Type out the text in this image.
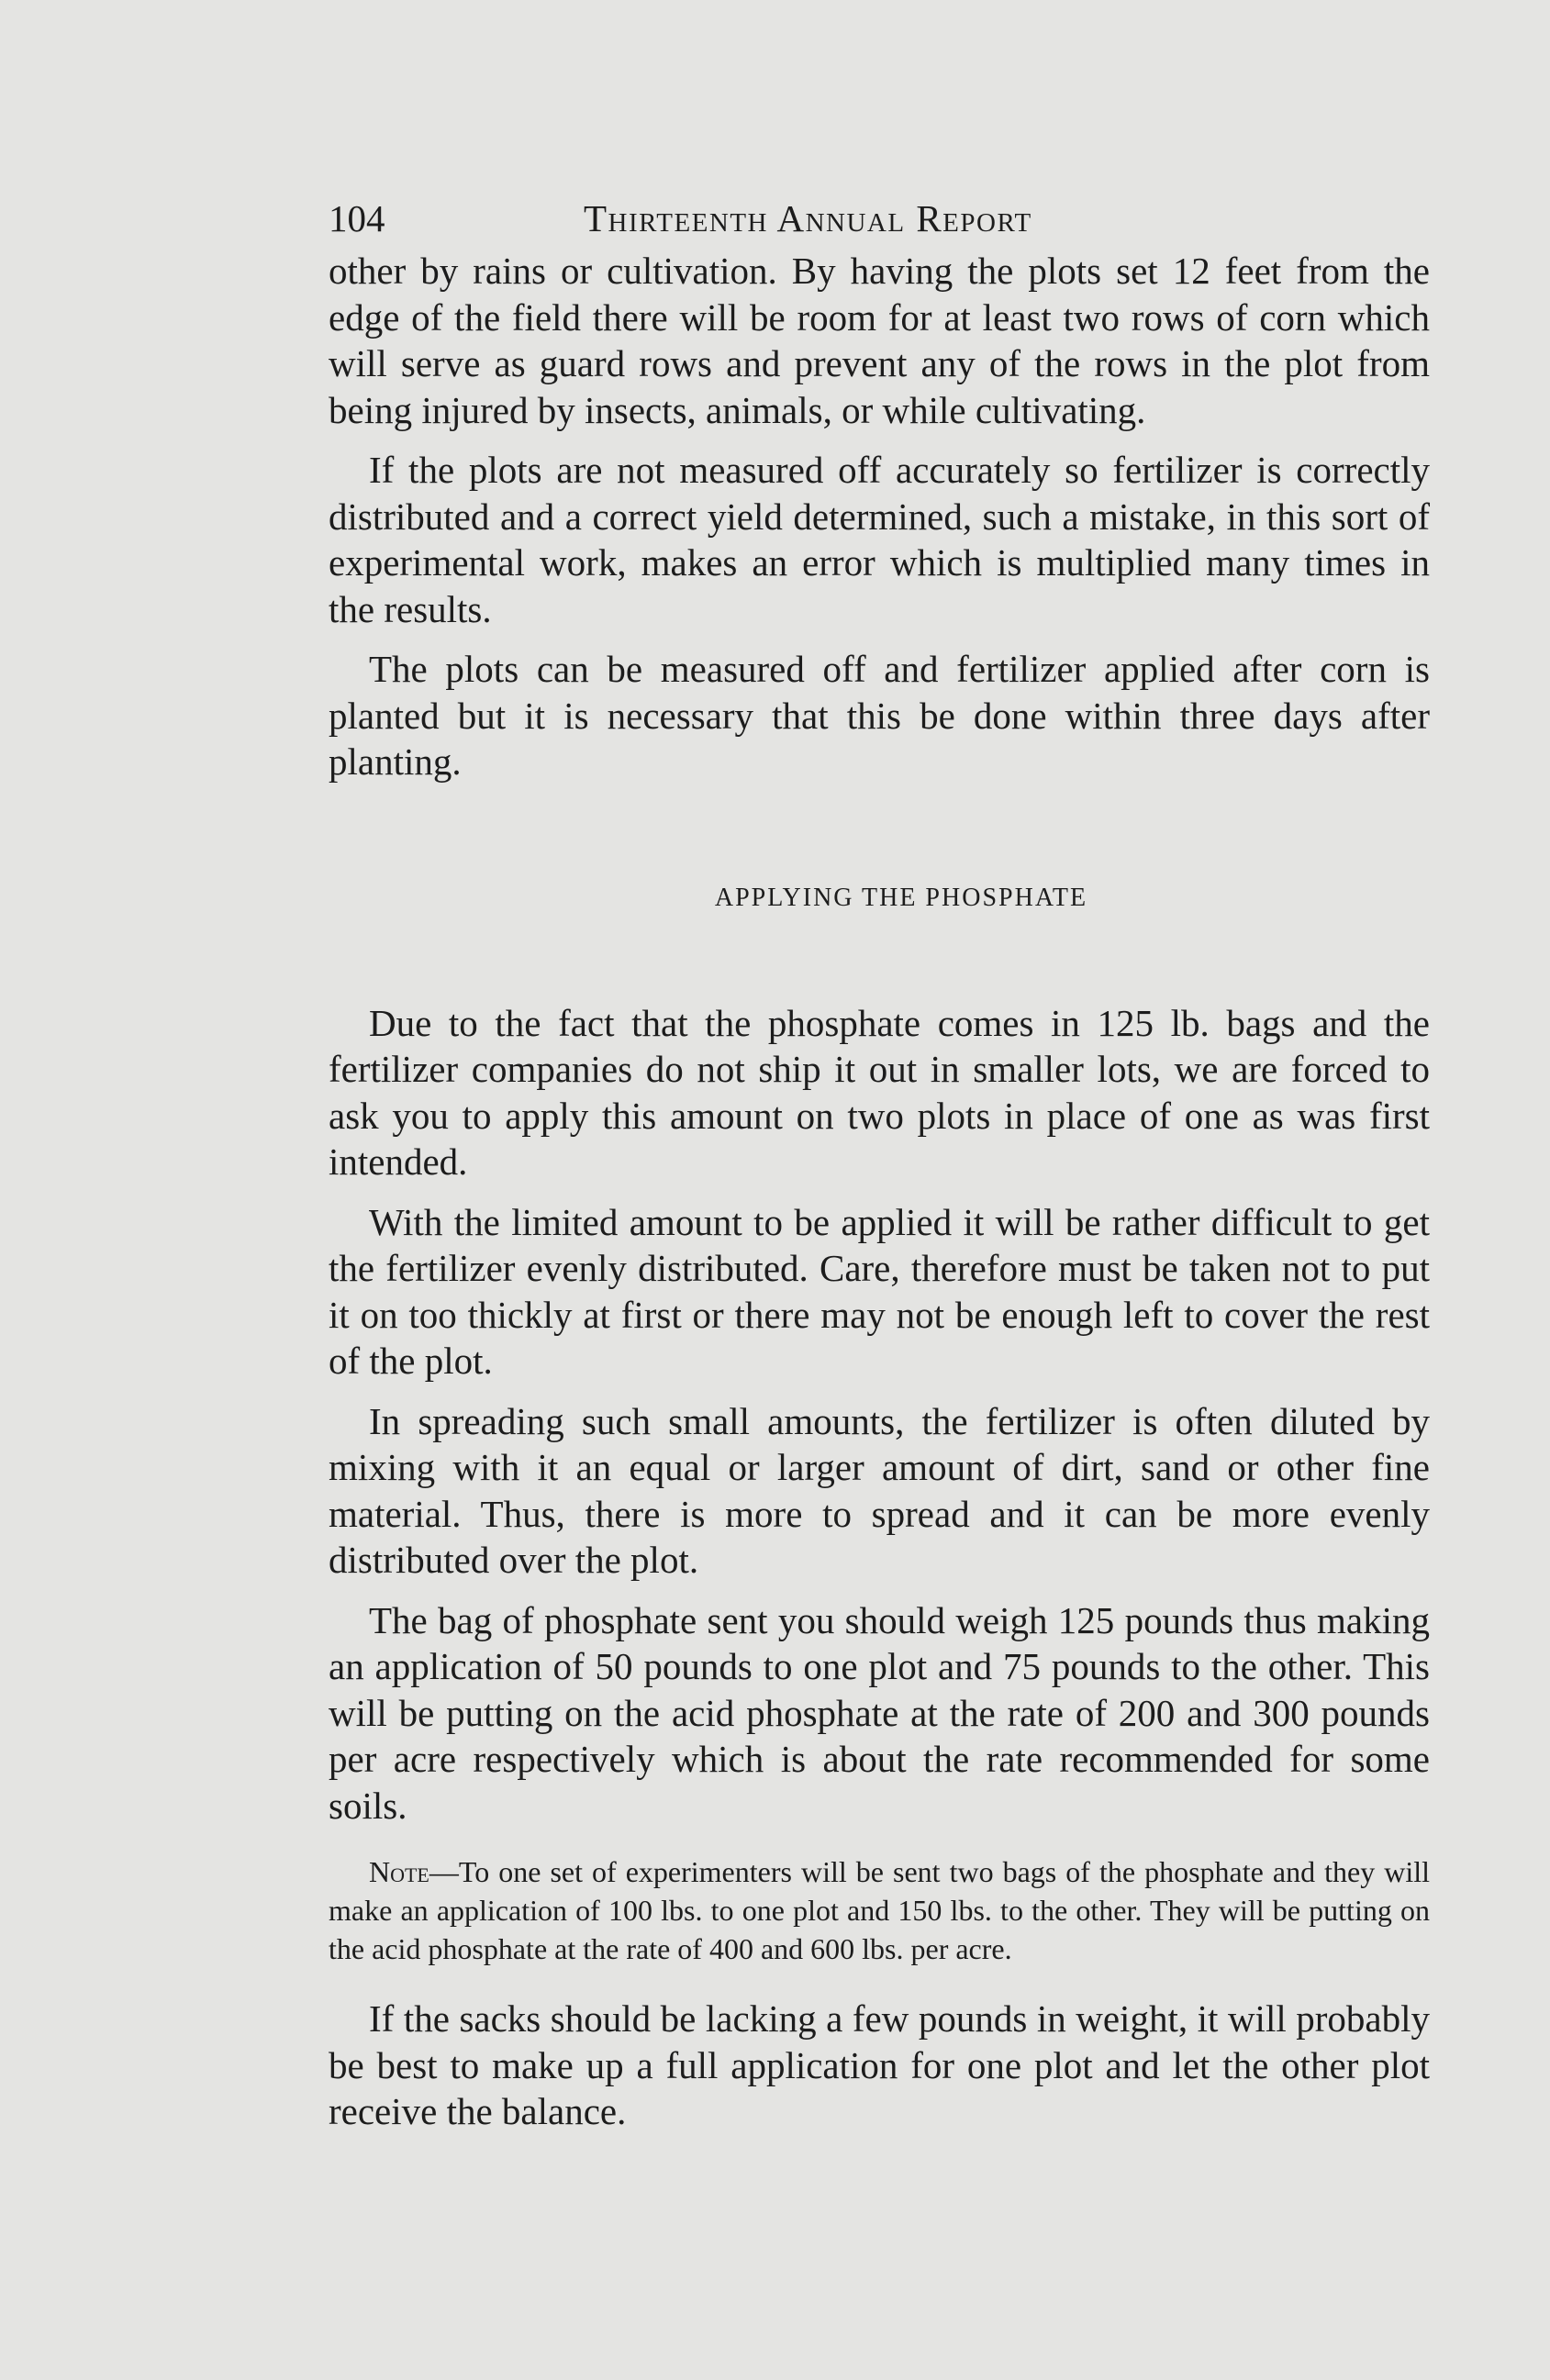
104	Thirteenth Annual Report

other by rains or cultivation. By having the plots set 12 feet from the edge of the field there will be room for at least two rows of corn which will serve as guard rows and prevent any of the rows in the plot from being injured by insects, animals, or while cultivating.

If the plots are not measured off accurately so fertilizer is correctly distributed and a correct yield determined, such a mistake, in this sort of experimental work, makes an error which is multiplied many times in the results.

The plots can be measured off and fertilizer applied after corn is planted but it is necessary that this be done within three days after planting.

APPLYING THE PHOSPHATE

Due to the fact that the phosphate comes in 125 lb. bags and the fertilizer companies do not ship it out in smaller lots, we are forced to ask you to apply this amount on two plots in place of one as was first intended.

With the limited amount to be applied it will be rather difficult to get the fertilizer evenly distributed. Care, therefore must be taken not to put it on too thickly at first or there may not be enough left to cover the rest of the plot.

In spreading such small amounts, the fertilizer is often diluted by mixing with it an equal or larger amount of dirt, sand or other fine material. Thus, there is more to spread and it can be more evenly distributed over the plot.

The bag of phosphate sent you should weigh 125 pounds thus making an application of 50 pounds to one plot and 75 pounds to the other. This will be putting on the acid phosphate at the rate of 200 and 300 pounds per acre respectively which is about the rate recommended for some soils.

Note—To one set of experimenters will be sent two bags of the phosphate and they will make an application of 100 lbs. to one plot and 150 lbs. to the other. They will be putting on the acid phosphate at the rate of 400 and 600 lbs. per acre.

If the sacks should be lacking a few pounds in weight, it will probably be best to make up a full application for one plot and let the other plot receive the balance.
